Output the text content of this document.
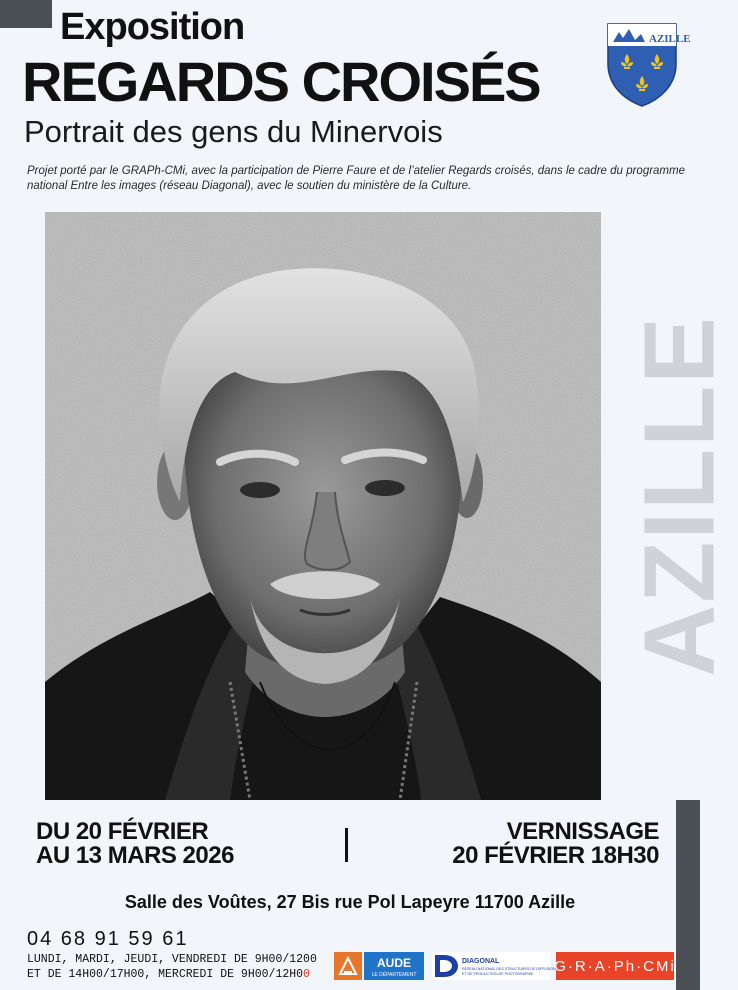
Exposition
REGARDS CROISÉS
Portrait des gens du Minervois
Projet porté par le GRAPh-CMi, avec la participation de Pierre Faure et de l’atelier Regards croisés, dans le cadre du programme national Entre les images (réseau Diagonal), avec le soutien du ministère de la Culture.
AZILLE
AZILLE
DU 20 FÉVRIER
AU 13 MARS 2026
VERNISSAGE
20 FÉVRIER 18H30
Salle des Voûtes, 27 Bis rue Pol Lapeyre 11700 Azille
04 68 91 59 61
LUNDI, MARDI, JEUDI, VENDREDI DE 9H00/1200
ET DE 14H00/17H00, MERCREDI DE 9H00/12H00
AUDE
LE DÉPARTEMENT
DIAGONAL
RÉSEAU NATIONAL DES STRUCTURES DE DIFFUSION
ET DE PRODUCTION DE PHOTOGRAPHIE G·R·A·Ph·CMi
